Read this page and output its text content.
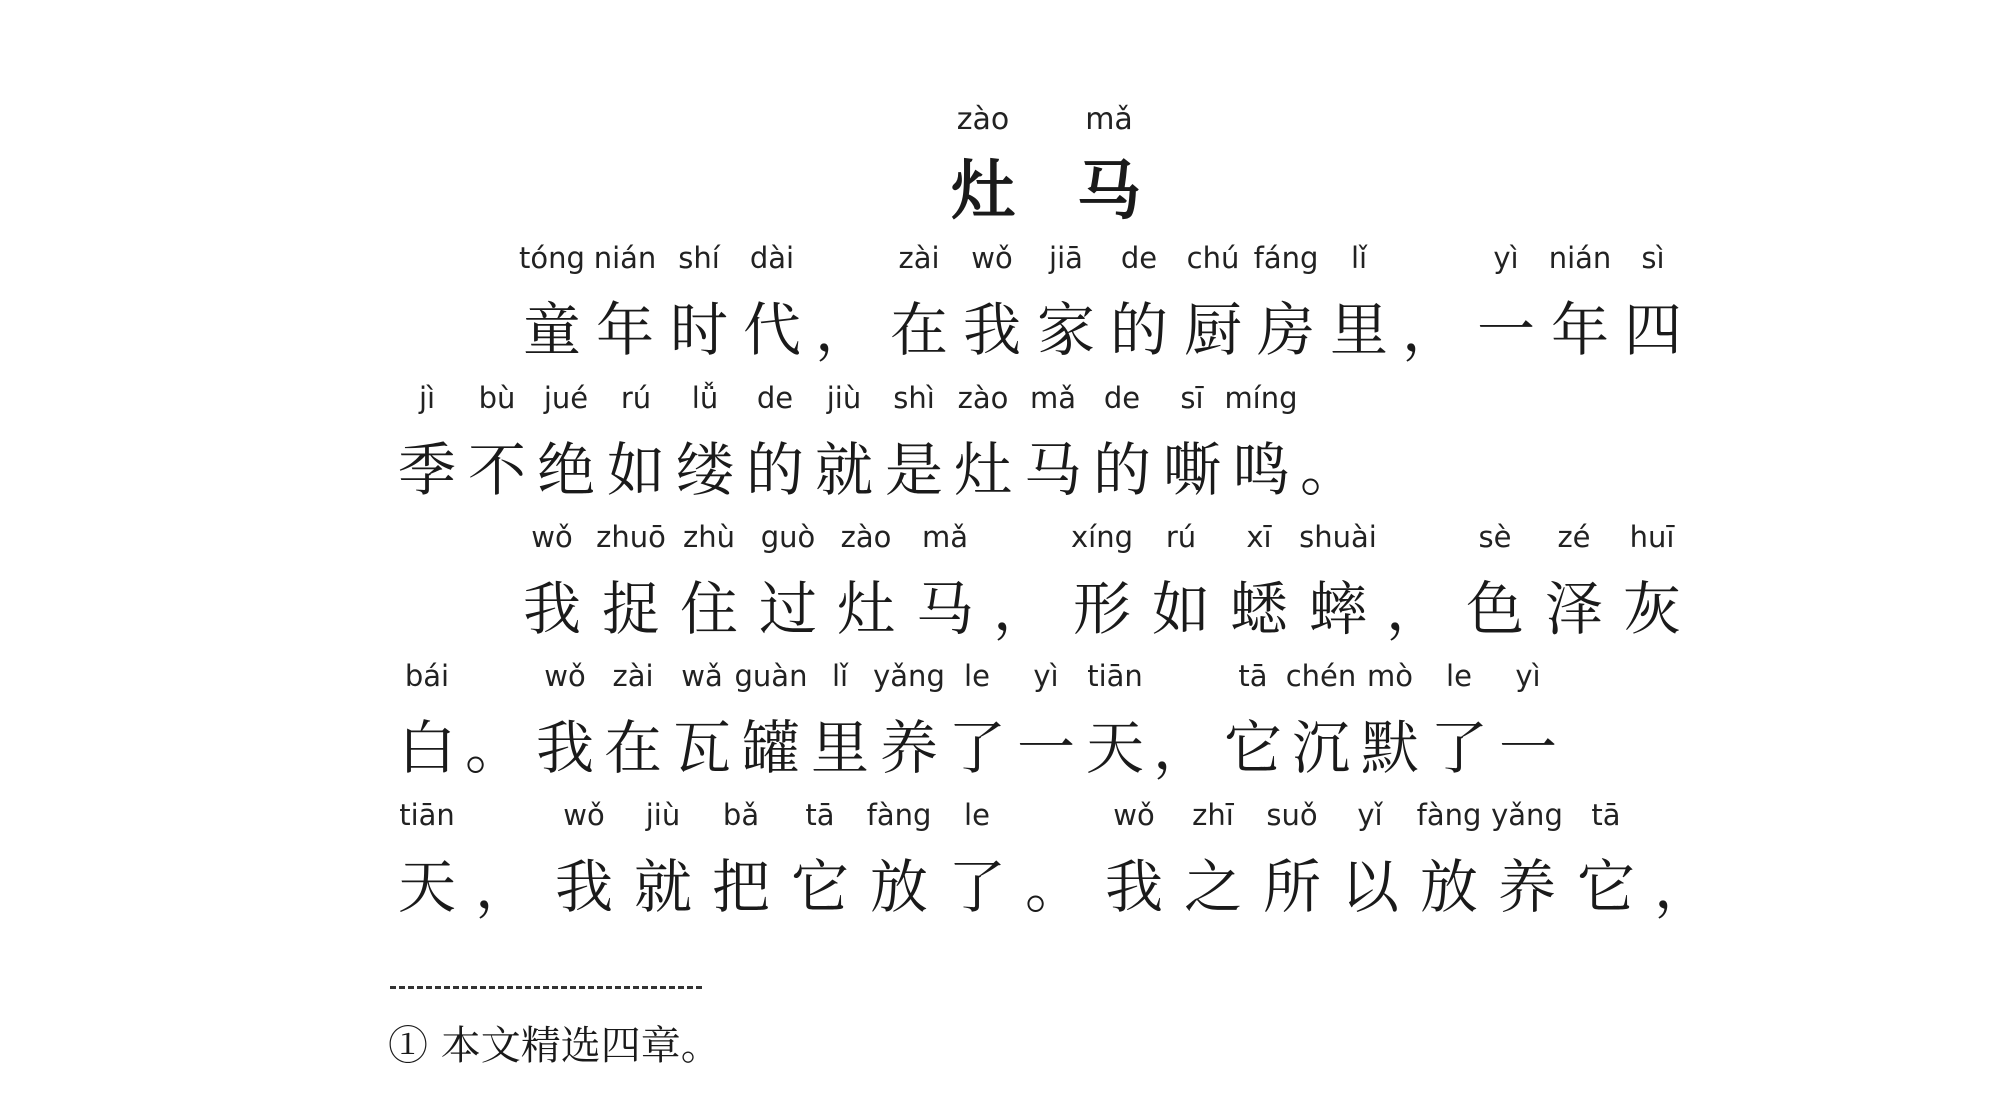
zào
灶
mǎ
马
tóng
童
nián
年
shí
时
dài
代 ，
zài
在
wǒ
我
jiā
家
de
的
chú
厨
fáng
房
lǐ
里 ，
yì
一
nián
年
sì
四
jì
季
bù
不
jué
绝
rú
如
lǚ
缕
de
的
jiù
就
shì
是
zào
灶
mǎ
马
de
的
sī
嘶
míng
鸣 。
wǒ
我
zhuō
捉
zhù
住
guò
过
zào
灶
mǎ
马 ，
xíng
形
rú
如
xī
蟋
shuài
蟀 ，
sè
色
zé
泽
huī
灰
bái
白 。
wǒ
我
zài
在
wǎ
瓦
guàn
罐
lǐ
里
yǎng
养
le
了
yì
一
tiān
天 ，
tā
它
chén
沉
mò
默
le
了
yì
一
tiān
天 ，
wǒ
我
jiù
就
bǎ
把
tā
它
fàng
放
le
了 。
wǒ
我
zhī
之
suǒ
所
yǐ
以
fàng
放
yǎng
养
tā
它 ，
① 本文精选四章。
